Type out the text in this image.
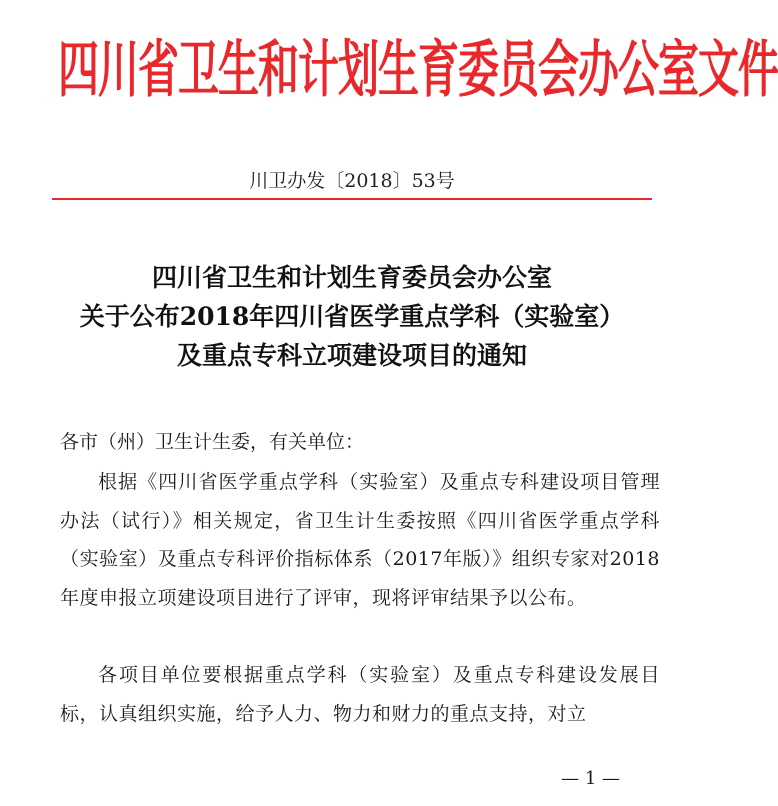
四川省卫生和计划生育委员会办公室文件
川卫办发〔2018〕53号
四川省卫生和计划生育委员会办公室
关于公布2018年四川省医学重点学科（实验室）
及重点专科立项建设项目的通知
各市（州）卫生计生委，有关单位：
根据《四川省医学重点学科（实验室）及重点专科建设项目管理办法（试行）》相关规定，省卫生计生委按照《四川省医学重点学科（实验室）及重点专科评价指标体系（2017年版）》组织专家对2018年度申报立项建设项目进行了评审，现将评审结果予以公布。
各项目单位要根据重点学科（实验室）及重点专科建设发展目标，认真组织实施，给予人力、物力和财力的重点支持，对立
— 1 —
